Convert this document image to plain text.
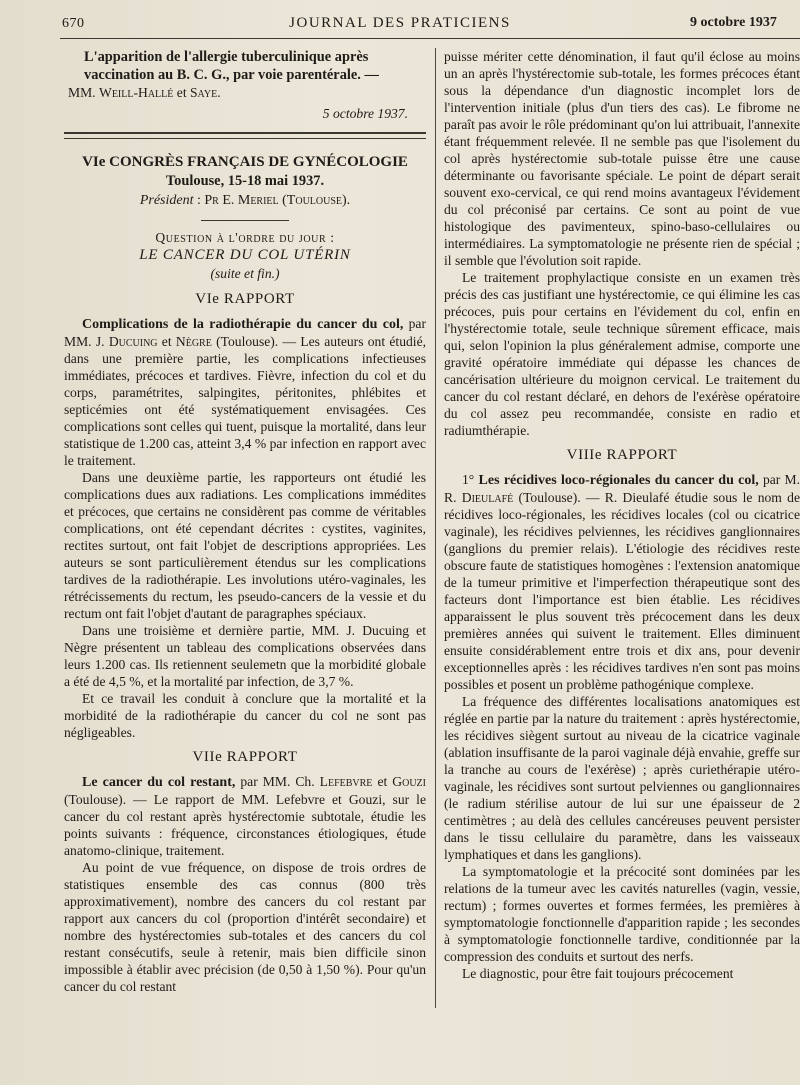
670	JOURNAL DES PRATICIENS	9 octobre 1937

L'apparition de l'allergie tuberculinique après vaccination au B. C. G., par voie parentérale. —

MM. Weill-Hallé et Saye.

5 octobre 1937.

VIe CONGRÈS FRANÇAIS DE GYNÉCOLOGIE

Toulouse, 15-18 mai 1937.

Président : Pr E. Meriel (Toulouse).

Question à l'ordre du jour :

LE CANCER DU COL UTÉRIN

(suite et fin.)

VIe RAPPORT

Complications de la radiothérapie du cancer du col, par MM. J. Ducuing et Nègre (Toulouse). — Les auteurs ont étudié, dans une première partie, les complications infectieuses immédiates, précoces et tardives. Fièvre, infection du col et du corps, paramétrites, salpingites, péritonites, phlébites et septicémies ont été systématiquement envisagées. Ces complications sont celles qui tuent, puisque la mortalité, dans leur statistique de 1.200 cas, atteint 3,4 % par infection en rapport avec le traitement.

Dans une deuxième partie, les rapporteurs ont étudié les complications dues aux radiations. Les complications immédites et précoces, que certains ne considèrent pas comme de véritables complications, ont été cependant décrites : cystites, vaginites, rectites surtout, ont fait l'objet de descriptions appropriées. Les auteurs se sont particulièrement étendus sur les complications tardives de la radiothérapie. Les involutions utéro-vaginales, les rétrécissements du rectum, les pseudo-cancers de la vessie et du rectum ont fait l'objet d'autant de paragraphes spéciaux.

Dans une troisième et dernière partie, MM. J. Ducuing et Nègre présentent un tableau des complications observées dans leurs 1.200 cas. Ils retiennent seulemetn que la morbidité globale a été de 4,5 %, et la mortalité par infection, de 3,7 %.

Et ce travail les conduit à conclure que la mortalité et la morbidité de la radiothérapie du cancer du col ne sont pas négligeables.

VIIe RAPPORT

Le cancer du col restant, par MM. Ch. Lefebvre et Gouzi (Toulouse). — Le rapport de MM. Lefebvre et Gouzi, sur le cancer du col restant après hystérectomie subtotale, étudie les points suivants : fréquence, circonstances étiologiques, étude anatomo-clinique, traitement.

Au point de vue fréquence, on dispose de trois ordres de statistiques ensemble des cas connus (800 très approximativement), nombre des cancers du col restant par rapport aux cancers du col (proportion d'intérêt secondaire) et nombre des hystérectomies sub-totales et des cancers du col restant consécutifs, seule à retenir, mais bien difficile sinon impossible à établir avec précision (de 0,50 à 1,50 %). Pour qu'un cancer du col restant

puisse mériter cette dénomination, il faut qu'il éclose au moins un an après l'hystérectomie sub-totale, les formes précoces étant sous la dépendance d'un diagnostic incomplet lors de l'intervention initiale (plus d'un tiers des cas). Le fibrome ne paraît pas avoir le rôle prédominant qu'on lui attribuait, l'annexite étant fréquemment relevée. Il ne semble pas que l'isolement du col après hystérectomie sub-totale puisse être une cause déterminante ou favorisante spéciale. Le point de départ serait souvent exo-cervical, ce qui rend moins avantageux l'évidement du col préconisé par certains. Ce sont au point de vue histologique des pavimenteux, spino-baso-cellulaires ou intermédiaires. La symptomatologie ne présente rien de spécial ; il semble que l'évolution soit rapide.

Le traitement prophylactique consiste en un examen très précis des cas justifiant une hystérectomie, ce qui élimine les cas précoces, puis pour certains en l'évidement du col, enfin en l'hystérectomie totale, seule technique sûrement efficace, mais qui, selon l'opinion la plus généralement admise, comporte une gravité opératoire immédiate qui dépasse les chances de cancérisation ultérieure du moignon cervical. Le traitement du cancer du col restant déclaré, en dehors de l'exérèse opératoire du col assez peu recommandée, consiste en radio et radiumthérapie.

VIIIe RAPPORT

1° Les récidives loco-régionales du cancer du col, par M. R. Dieulafé (Toulouse). — R. Dieulafé étudie sous le nom de récidives loco-régionales, les récidives locales (col ou cicatrice vaginale), les récidives pelviennes, les récidives ganglionnaires (ganglions du premier relais). L'étiologie des récidives reste obscure faute de statistiques homogènes : l'extension anatomique de la tumeur primitive et l'imperfection thérapeutique sont des facteurs dont l'importance est bien établie. Les récidives apparaissent le plus souvent très précocement dans les deux premières années qui suivent le traitement. Elles diminuent ensuite considérablement entre trois et dix ans, pour devenir exceptionnelles après : les récidives tardives n'en sont pas moins possibles et posent un problème pathogénique complexe.

La fréquence des différentes localisations anatomiques est réglée en partie par la nature du traitement : après hystérectomie, les récidives siègent surtout au niveau de la cicatrice vaginale (ablation insuffisante de la paroi vaginale déjà envahie, greffe sur la tranche au cours de l'exérèse) ; après curiethérapie utéro-vaginale, les récidives sont surtout pelviennes ou ganglionnaires (le radium stérilise autour de lui sur une épaisseur de 2 centimètres ; au delà des cellules cancéreuses peuvent persister dans le tissu cellulaire du paramètre, dans les vaisseaux lymphatiques et dans les ganglions).

La symptomatologie et la précocité sont dominées par les relations de la tumeur avec les cavités naturelles (vagin, vessie, rectum) ; formes ouvertes et formes fermées, les premières à symptomatologie fonctionnelle d'apparition rapide ; les secondes à symptomatologie fonctionnelle tardive, conditionnée par la compression des conduits et surtout des nerfs.

Le diagnostic, pour être fait toujours précocement
